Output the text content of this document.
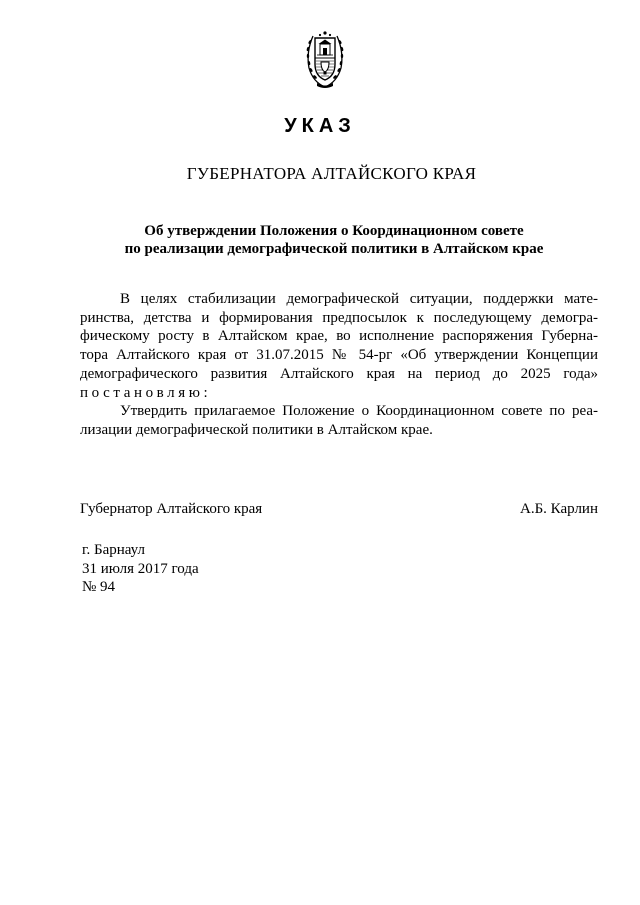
УКАЗ
ГУБЕРНАТОРА АЛТАЙСКОГО КРАЯ
Об утверждении Положения о Координационном совете
по реализации демографической политики в Алтайском крае
В целях стабилизации демографической ситуации, поддержки мате-
ринства, детства и формирования предпосылок к последующему демогра-
фическому росту в Алтайском крае, во исполнение распоряжения Губерна-
тора Алтайского края от 31.07.2015 № 54-рг «Об утверждении Концепции
демографического развития Алтайского края на период до 2025 года»
постановляю:
Утвердить прилагаемое Положение о Координационном совете по реа-
лизации демографической политики в Алтайском крае.
Губернатор Алтайского края	А.Б. Карлин
г. Барнаул
31 июля 2017 года
№ 94
